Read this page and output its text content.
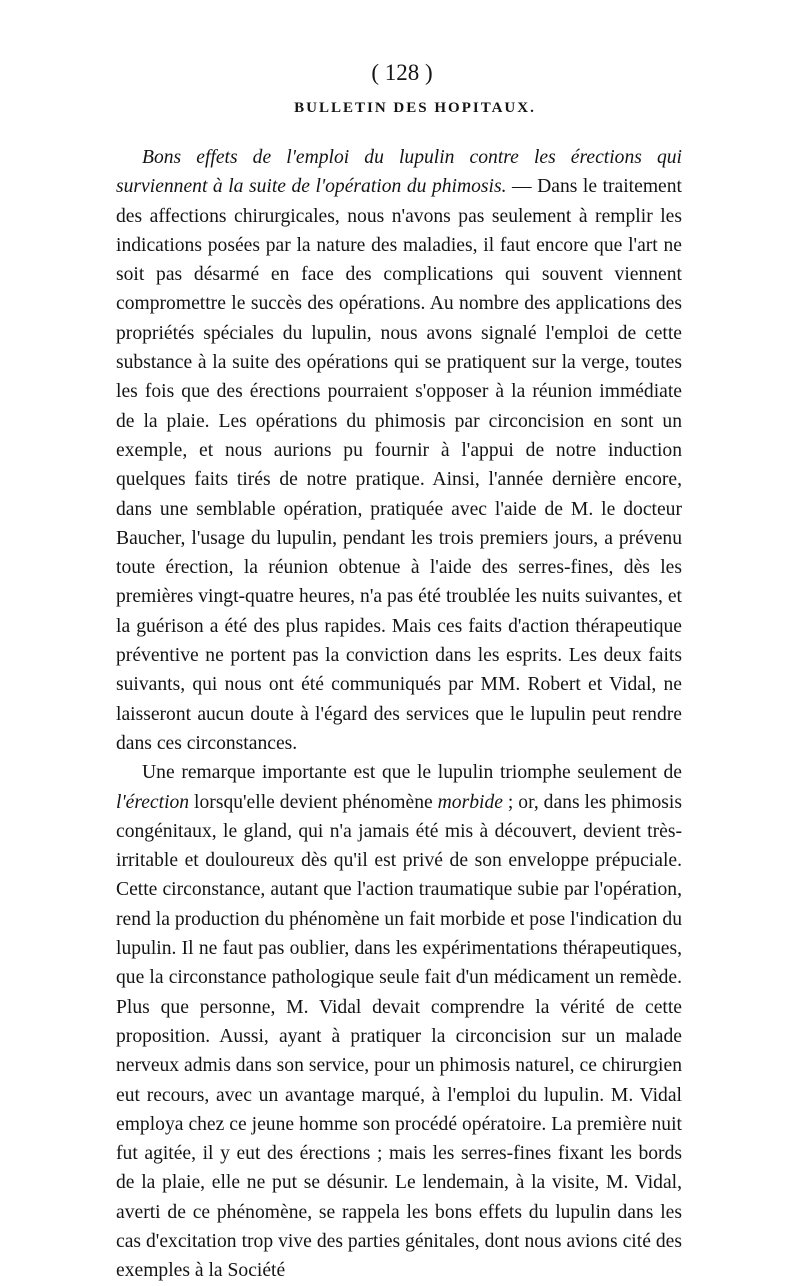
( 128 )
BULLETIN DES HOPITAUX.

Bons effets de l'emploi du lupulin contre les érections qui surviennent à la suite de l'opération du phimosis. — Dans le traitement des affections chirurgicales, nous n'avons pas seulement à remplir les indications posées par la nature des maladies, il faut encore que l'art ne soit pas désarmé en face des complications qui souvent viennent compromettre le succès des opérations. Au nombre des applications des propriétés spéciales du lupulin, nous avons signalé l'emploi de cette substance à la suite des opérations qui se pratiquent sur la verge, toutes les fois que des érections pourraient s'opposer à la réunion immédiate de la plaie. Les opérations du phimosis par circoncision en sont un exemple, et nous aurions pu fournir à l'appui de notre induction quelques faits tirés de notre pratique. Ainsi, l'année dernière encore, dans une semblable opération, pratiquée avec l'aide de M. le docteur Baucher, l'usage du lupulin, pendant les trois premiers jours, a prévenu toute érection, la réunion obtenue à l'aide des serres-fines, dès les premières vingt-quatre heures, n'a pas été troublée les nuits suivantes, et la guérison a été des plus rapides. Mais ces faits d'action thérapeutique préventive ne portent pas la conviction dans les esprits. Les deux faits suivants, qui nous ont été communiqués par MM. Robert et Vidal, ne laisseront aucun doute à l'égard des services que le lupulin peut rendre dans ces circonstances.

Une remarque importante est que le lupulin triomphe seulement de l'érection lorsqu'elle devient phénomène morbide ; or, dans les phimosis congénitaux, le gland, qui n'a jamais été mis à découvert, devient très-irritable et douloureux dès qu'il est privé de son enveloppe prépuciale. Cette circonstance, autant que l'action traumatique subie par l'opération, rend la production du phénomène un fait morbide et pose l'indication du lupulin. Il ne faut pas oublier, dans les expérimentations thérapeutiques, que la circonstance pathologique seule fait d'un médicament un remède. Plus que personne, M. Vidal devait comprendre la vérité de cette proposition. Aussi, ayant à pratiquer la circoncision sur un malade nerveux admis dans son service, pour un phimosis naturel, ce chirurgien eut recours, avec un avantage marqué, à l'emploi du lupulin. M. Vidal employa chez ce jeune homme son procédé opératoire. La première nuit fut agitée, il y eut des érections ; mais les serres-fines fixant les bords de la plaie, elle ne put se désunir. Le lendemain, à la visite, M. Vidal, averti de ce phénomène, se rappela les bons effets du lupulin dans les cas d'excitation trop vive des parties génitales, dont nous avions cité des exemples à la Société
